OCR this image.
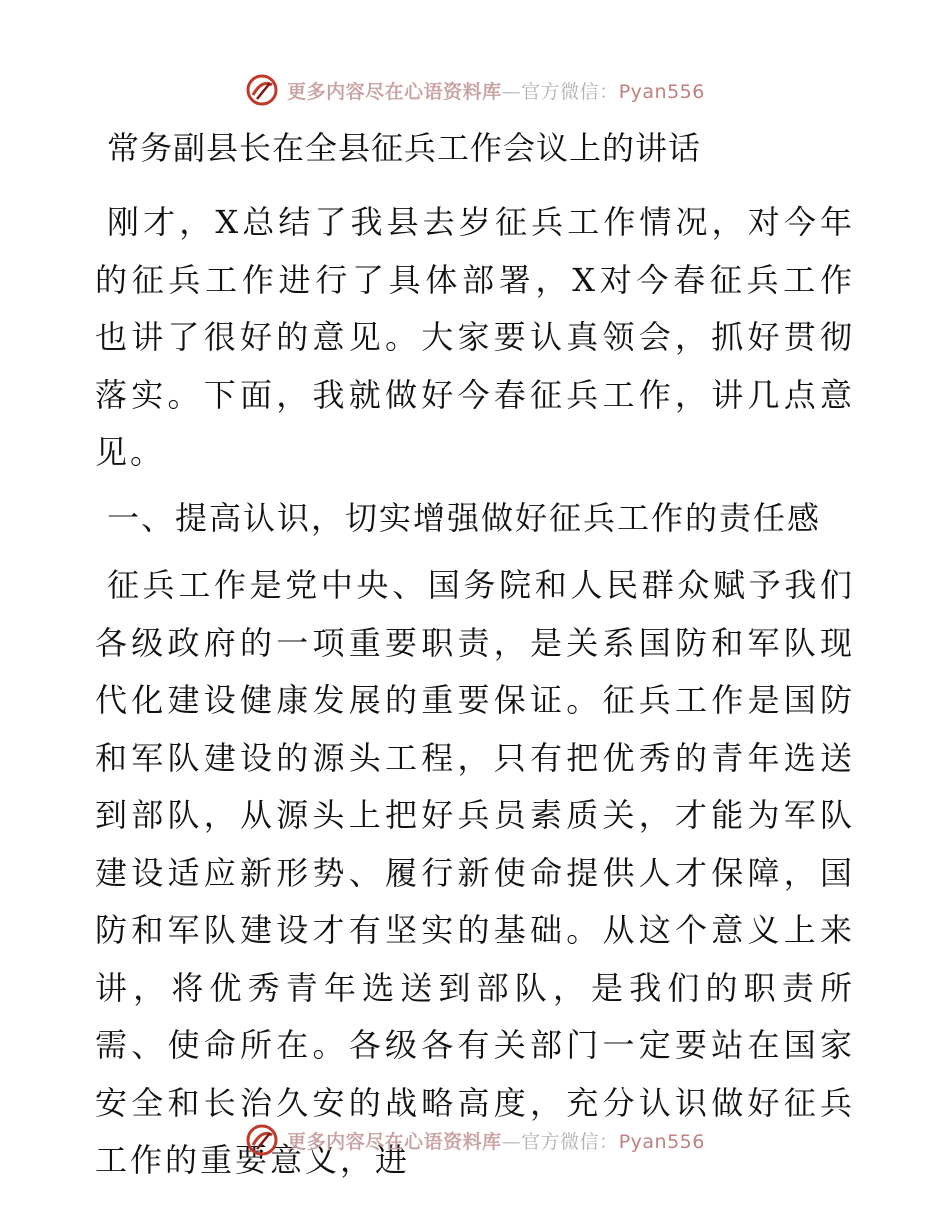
更多内容尽在心语资料库—官方微信：Pyan556
常务副县长在全县征兵工作会议上的讲话

刚才，X总结了我县去岁征兵工作情况，对今年的征兵工作进行了具体部署，X对今春征兵工作也讲了很好的意见。大家要认真领会，抓好贯彻落实。下面，我就做好今春征兵工作，讲几点意见。

一、提高认识，切实增强做好征兵工作的责任感

征兵工作是党中央、国务院和人民群众赋予我们各级政府的一项重要职责，是关系国防和军队现代化建设健康发展的重要保证。征兵工作是国防和军队建设的源头工程，只有把优秀的青年选送到部队，从源头上把好兵员素质关，才能为军队建设适应新形势、履行新使命提供人才保障，国防和军队建设才有坚实的基础。从这个意义上来讲，将优秀青年选送到部队，是我们的职责所需、使命所在。各级各有关部门一定要站在国家安全和长治久安的战略高度，充分认识做好征兵工作的重要意义，进

更多内容尽在心语资料库—官方微信：Pyan556
